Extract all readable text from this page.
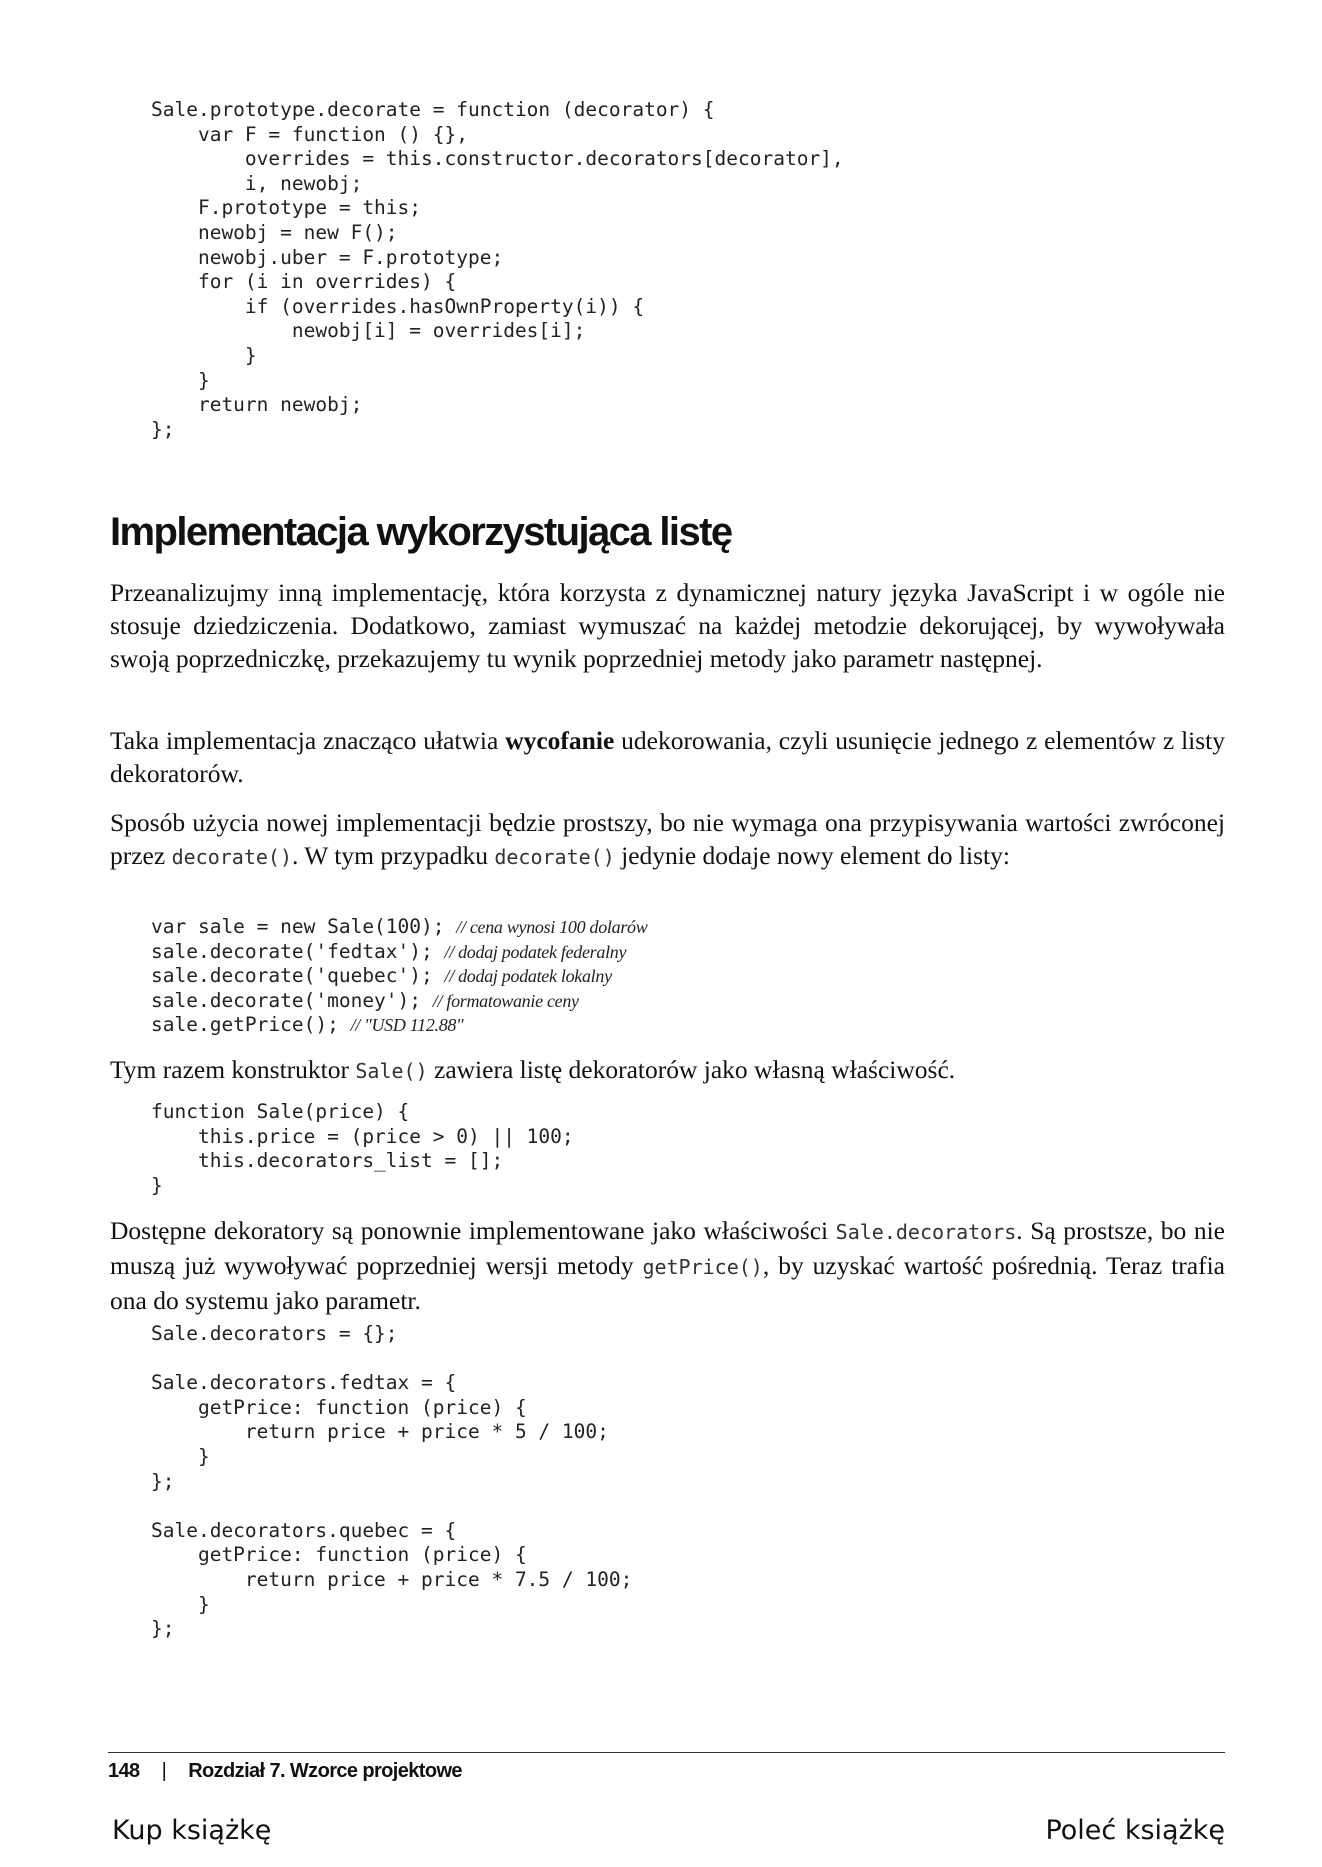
Sale.prototype.decorate = function (decorator) {
var F = function () {},
overrides = this.constructor.decorators[decorator],
i, newobj;
F.prototype = this;
newobj = new F();
newobj.uber = F.prototype;
for (i in overrides) {
if (overrides.hasOwnProperty(i)) {
newobj[i] = overrides[i];
}
}
return newobj;
};
Implementacja wykorzystująca listę

Przeanalizujmy inną implementację, która korzysta z dynamicznej natury języka JavaScript i w ogóle nie stosuje dziedziczenia. Dodatkowo, zamiast wymuszać na każdej metodzie dekorującej, by wywoływała swoją poprzedniczkę, przekazujemy tu wynik poprzedniej metody jako parametr następnej.

Taka implementacja znacząco ułatwia wycofanie udekorowania, czyli usunięcie jednego z elementów z listy dekoratorów.

Sposób użycia nowej implementacji będzie prostszy, bo nie wymaga ona przypisywania wartości zwróconej przez decorate(). W tym przypadku decorate() jedynie dodaje nowy element do listy:

var sale = new Sale(100); // cena wynosi 100 dolarów
sale.decorate('fedtax'); // dodaj podatek federalny
sale.decorate('quebec'); // dodaj podatek lokalny
sale.decorate('money'); // formatowanie ceny
sale.getPrice(); // "USD 112.88"

Tym razem konstruktor Sale() zawiera listę dekoratorów jako własną właściwość.

function Sale(price) {
this.price = (price > 0) || 100;
this.decorators_list = [];
}

Dostępne dekoratory są ponownie implementowane jako właściwości Sale.decorators. Są prostsze, bo nie muszą już wywoływać poprzedniej wersji metody getPrice(), by uzyskać wartość pośrednią. Teraz trafia ona do systemu jako parametr.

Sale.decorators = {};

Sale.decorators.fedtax = {
getPrice: function (price) {
return price + price * 5 / 100;
}
};

Sale.decorators.quebec = {
getPrice: function (price) {
return price + price * 7.5 / 100;
}
};
148 | Rozdział 7. Wzorce projektowe
Kup książkę	Poleć książkę
